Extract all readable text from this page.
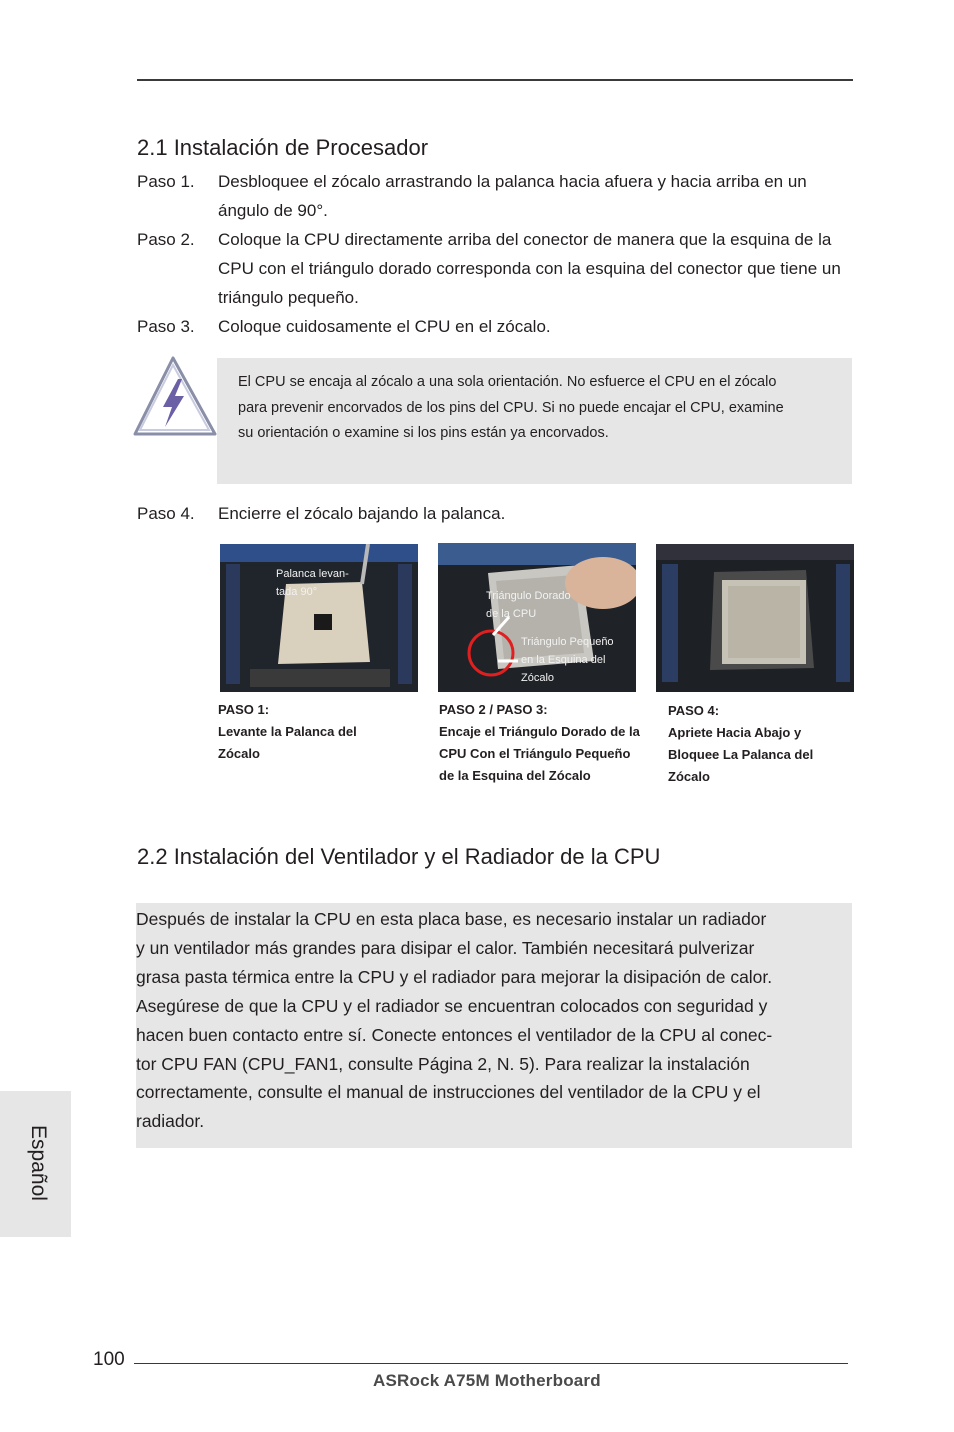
2.1 Instalación de Procesador
Paso 1. Desbloquee el zócalo arrastrando la palanca hacia afuera y hacia arriba en un ángulo de 90°.
Paso 2. Coloque la CPU directamente arriba del conector de manera que la esquina de la CPU con el triángulo dorado corresponda con la esquina del conector que tiene un triángulo pequeño.
Paso 3. Coloque cuidosamente el CPU en el zócalo.
El CPU se encaja al zócalo a una sola orientación. No esfuerce el CPU en el zócalo para prevenir encorvados de los pins del CPU. Si no puede encajar el CPU, examine su orientación o examine si los pins están ya encorvados.
Paso 4. Encierre el zócalo bajando la palanca.
Palanca levan-
tada 90°	Triángulo Dorado
de la CPU
Triángulo Pequeño
en la Esquina del
Zócalo
PASO 1:
Levante la Palanca del
Zócalo
PASO 2 / PASO 3:
Encaje el Triángulo Dorado de la
CPU Con el Triángulo Pequeño
de la Esquina del Zócalo
PASO 4:
Apriete Hacia Abajo y
Bloquee La Palanca del
Zócalo
2.2 Instalación del Ventilador y el Radiador de la CPU
Después de instalar la CPU en esta placa base, es necesario instalar un radiador
y un ventilador más grandes para disipar el calor. También necesitará pulverizar
grasa pasta térmica entre la CPU y el radiador para mejorar la disipación de calor.
Asegúrese de que la CPU y el radiador se encuentran colocados con seguridad y
hacen buen contacto entre sí. Conecte entonces el ventilador de la CPU al conec-
tor CPU FAN (CPU_FAN1, consulte Página 2, N. 5). Para realizar la instalación
correctamente, consulte el manual de instrucciones del ventilador de la CPU y el
radiador.
Español
100
ASRock A75M Motherboard
